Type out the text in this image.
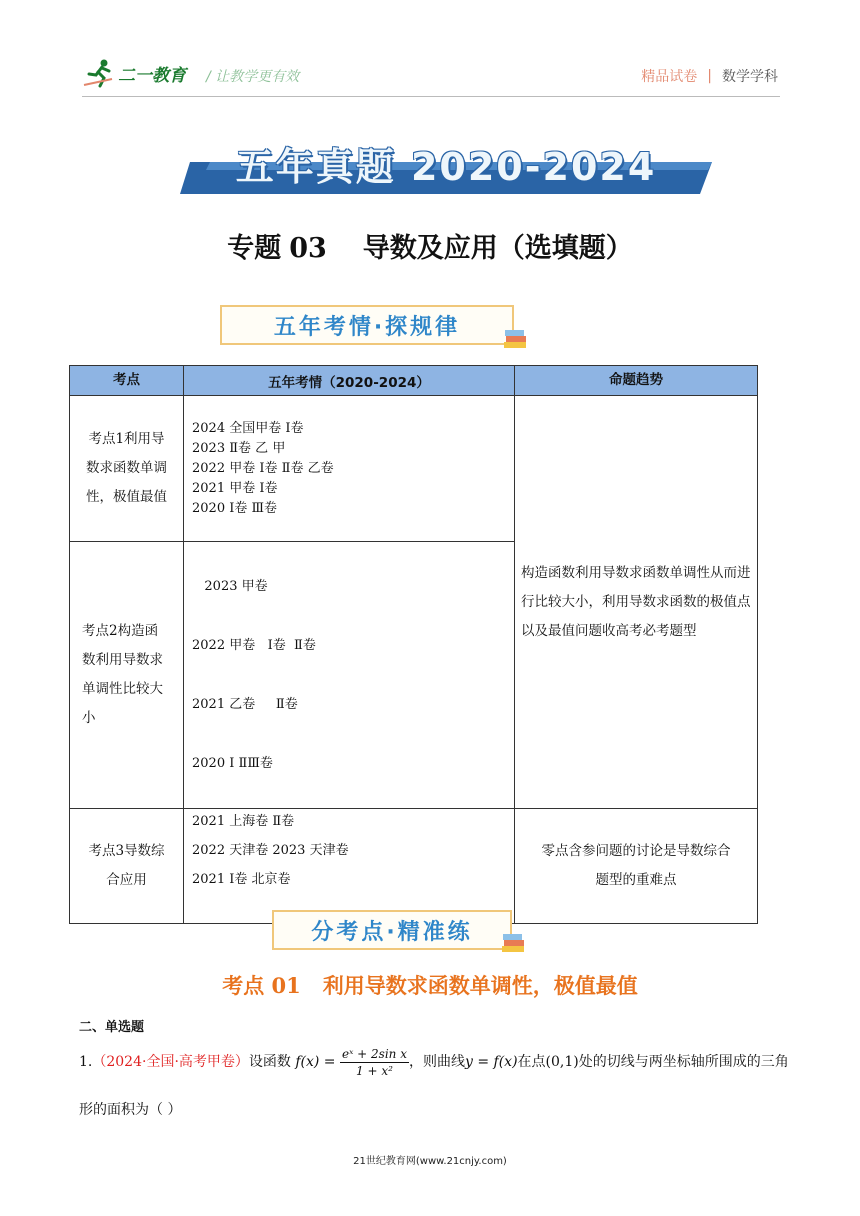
二一教育 / 让教学更有效	精品试卷 | 数学学科
五年真题 2020-2024
专题 03 导数及应用（选填题）
五年考情·探规律
考点	五年考情（2020-2024）	命题趋势
考点1利用导数求函数单调性，极值最值	2024 全国甲卷 Ⅰ卷
2023 Ⅱ卷 乙 甲
2022 甲卷 Ⅰ卷 Ⅱ卷 乙卷
2021 甲卷 Ⅰ卷
2020 Ⅰ卷 Ⅲ卷	构造函数利用导数求函数单调性从而进行比较大小，利用导数求函数的极值点以及最值问题收高考必考题型
考点2构造函数利用导数求单调性比较大小	2023 甲卷

2022 甲卷   Ⅰ卷  Ⅱ卷

2021 乙卷     Ⅱ卷

2020 Ⅰ ⅡⅢ卷	

考点3导数综合应用	2021 上海卷 Ⅱ卷
2022 天津卷 2023 天津卷
2021 Ⅰ卷 北京卷	零点含参问题的讨论是导数综合题型的重难点
分考点·精准练
考点 01 利用导数求函数单调性，极值最值
二、单选题
1.（2024·全国·高考甲卷）设函数 $f(x) = \frac{\text{eˣ + 2sin x}}{\text{1 + x²}}$ ，则曲线y = f(x)在点(0,1)处的切线与两坐标轴所围成的三角形的面积为（ ）
21世纪教育网(www.21cnjy.com)
